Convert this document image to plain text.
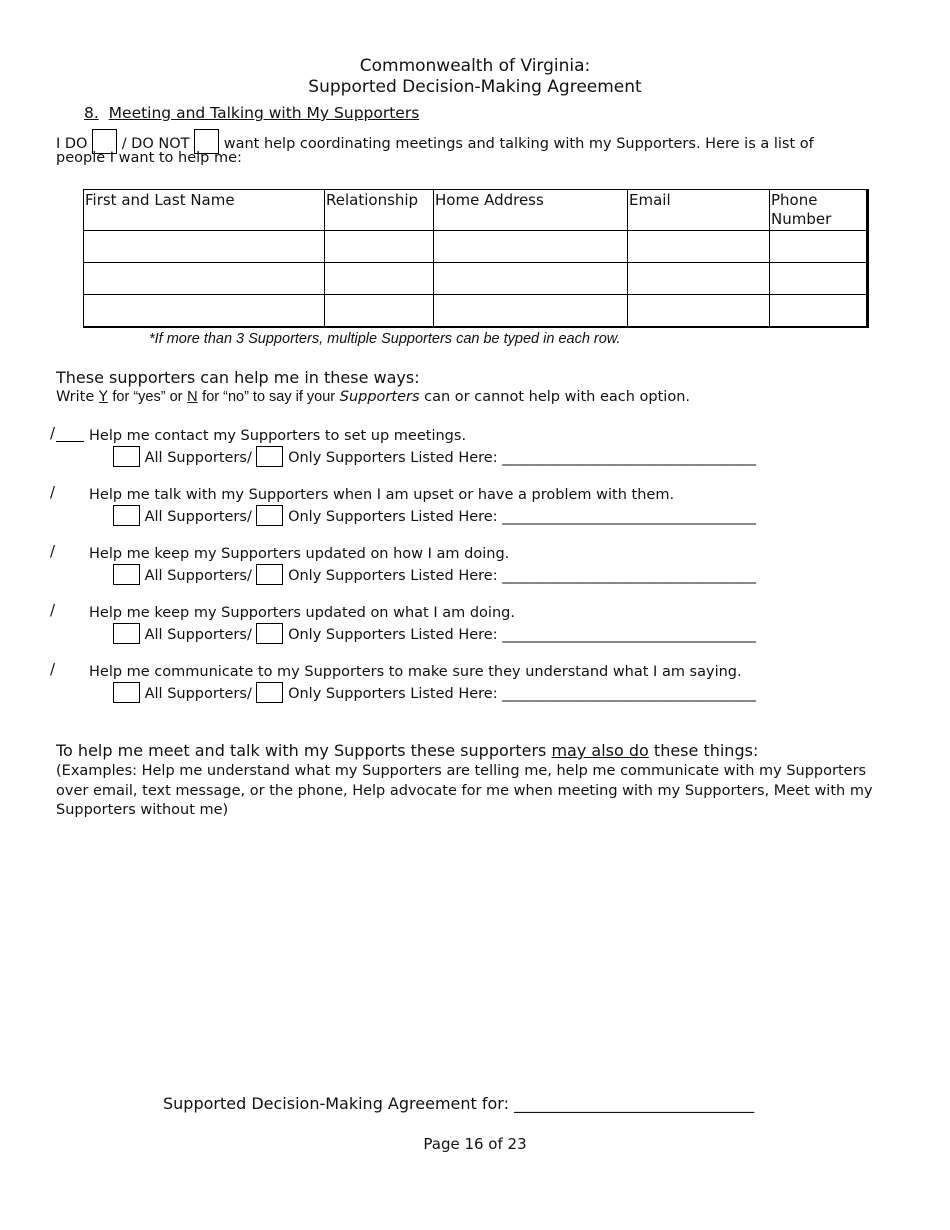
Commonwealth of Virginia:
Supported Decision-Making Agreement
8. Meeting and Talking with My Supporters
I DO / DO NOT want help coordinating meetings and talking with my Supporters. Here is a list of
people I want to help me:
First and Last Name	Relationship	Home Address	Email	Phone Number

*If more than 3 Supporters, multiple Supporters can be typed in each row.
These supporters can help me in these ways:
Write Y for “yes” or N for “no” to say if your Supporters can or cannot help with each option.
/ Help me contact my Supporters to set up meetings.
All Supporters/ Only Supporters Listed Here: ___________________________________
/ Help me talk with my Supporters when I am upset or have a problem with them.
All Supporters/ Only Supporters Listed Here: ___________________________________
/ Help me keep my Supporters updated on how I am doing.
All Supporters/ Only Supporters Listed Here: ___________________________________
/ Help me keep my Supporters updated on what I am doing.
All Supporters/ Only Supporters Listed Here: ___________________________________
/ Help me communicate to my Supporters to make sure they understand what I am saying.
All Supporters/ Only Supporters Listed Here: ___________________________________
To help me meet and talk with my Supports these supporters may also do these things:
(Examples: Help me understand what my Supporters are telling me, help me communicate with my Supporters over email, text message, or the phone, Help advocate for me when meeting with my Supporters, Meet with my Supporters without me)
Supported Decision-Making Agreement for: ______________________________
Page 16 of 23
